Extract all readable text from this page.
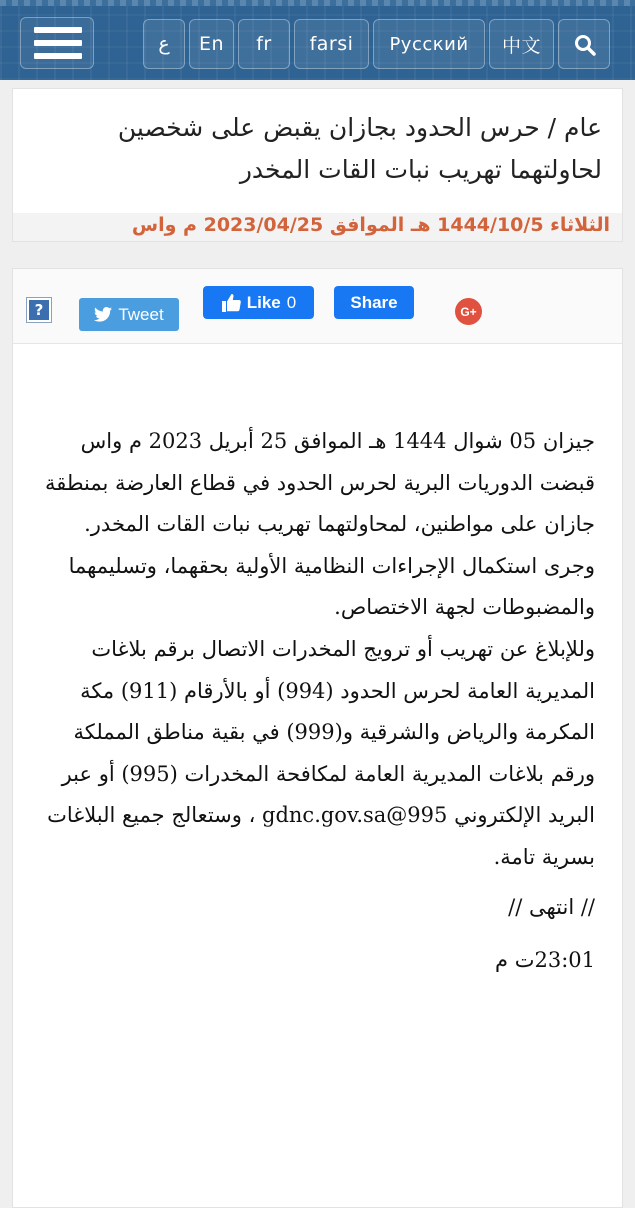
ع	En	fr	farsi	Русский	中文
عام / حرس الحدود بجازان يقبض على شخصين لحاولتهما تهريب نبات القات المخدر
الثلاثاء 1444/10/5 هـ الموافق 2023/04/25 م واس
?	Tweet
Like 0	Share	G+

جيزان 05 شوال 1444 هـ الموافق 25 أبريل 2023 م واس قبضت الدوريات البرية لحرس الحدود في قطاع العارضة بمنطقة جازان على مواطنين، لمحاولتهما تهريب نبات القات المخدر.

وجرى استكمال الإجراءات النظامية الأولية بحقهما، وتسليمهما والمضبوطات لجهة الاختصاص.

وللإبلاغ عن تهريب أو ترويج المخدرات الاتصال برقم بلاغات المديرية العامة لحرس الحدود (994) أو بالأرقام (911) مكة المكرمة والرياض والشرقية و(999) في بقية مناطق المملكة ورقم بلاغات المديرية العامة لمكافحة المخدرات (995) أو عبر البريد الإلكتروني 995@gdnc.gov.sa ، وستعالج جميع البلاغات بسرية تامة.

// انتهى //

23:01ت م
